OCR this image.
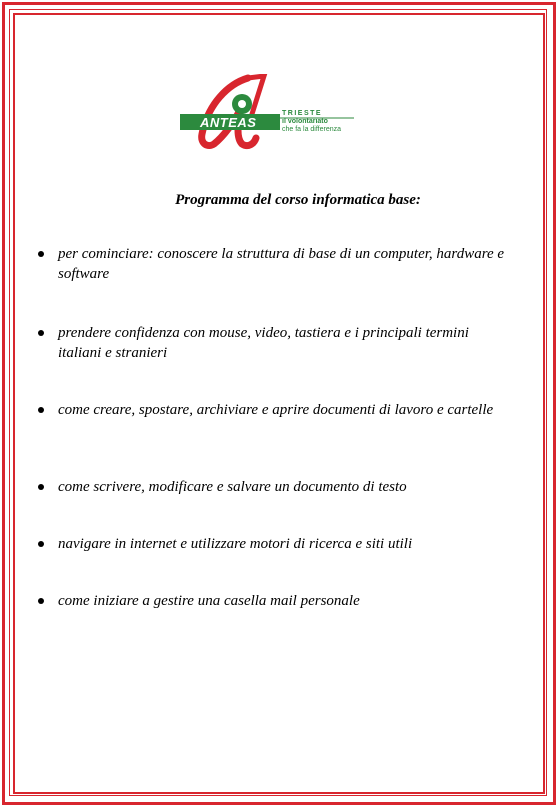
ANTEAS
TRIESTE
il volontariato
che fa la differenza
Programma del corso informatica base:
per cominciare: conoscere la struttura di base di un computer, hardware e software
prendere confidenza con mouse, video, tastiera e i principali termini italiani e stranieri
come creare, spostare, archiviare e aprire documenti di lavoro e cartelle
come scrivere, modificare e salvare un documento di testo
navigare in internet e utilizzare motori di ricerca e siti utili
come iniziare a gestire una casella mail personale
